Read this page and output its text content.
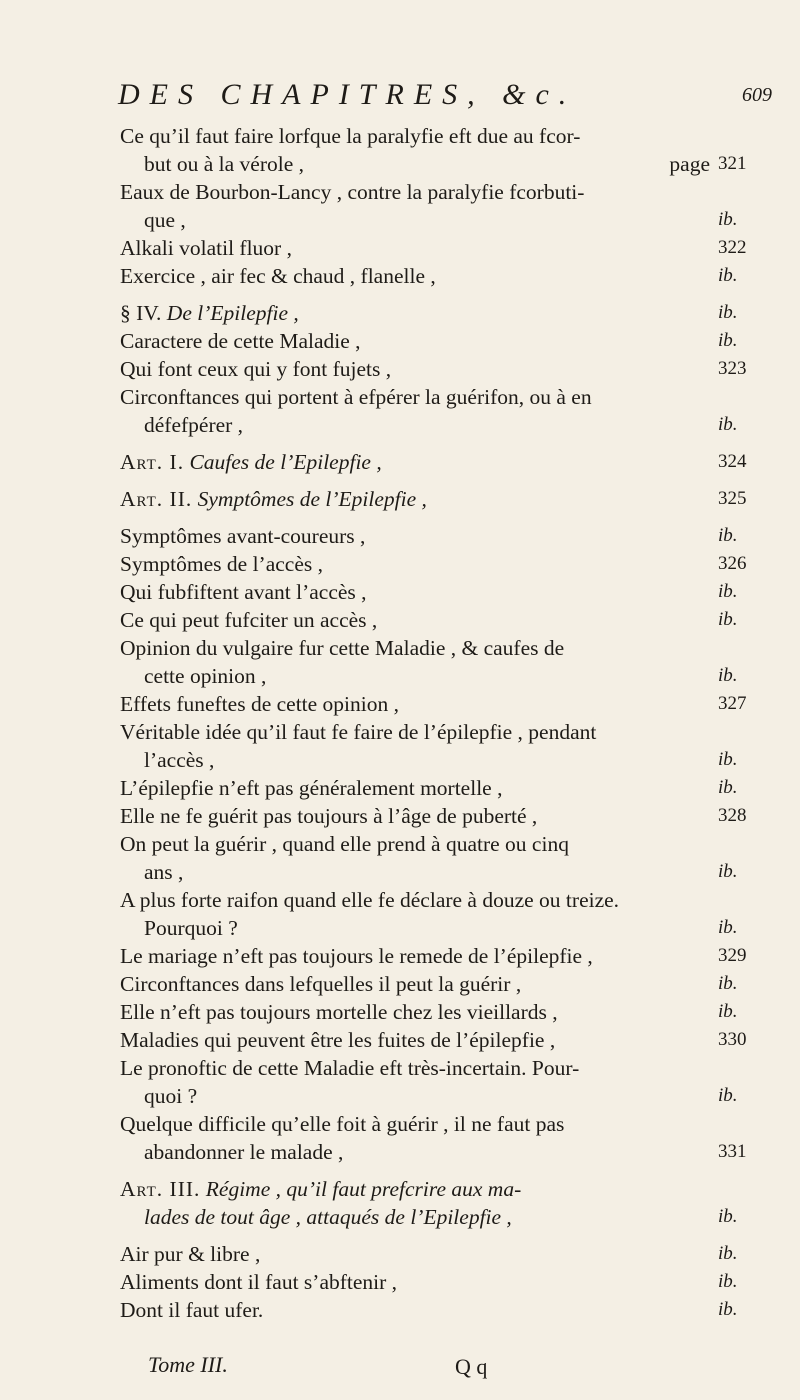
DES CHAPITRES, &c.	609
Ce qu’il faut faire lorfque la paralyfie eft due au fcor-
but ou à la vérole ,	page 321
Eaux de Bourbon-Lancy , contre la paralyfie fcorbuti-
que ,	ib.
Alkali volatil fluor ,	322
Exercice , air fec & chaud , flanelle ,	ib.
§ IV. De l’Epilepfie ,	ib.
Caractere de cette Maladie ,	ib.
Qui font ceux qui y font fujets ,	323
Circonftances qui portent à efpérer la guérifon, ou à en
défefpérer ,	ib.
Art. I. Caufes de l’Epilepfie ,	324
Art. II. Symptômes de l’Epilepfie ,	325
Symptômes avant-coureurs ,	ib.
Symptômes de l’accès ,	326
Qui fubfiftent avant l’accès ,	ib.
Ce qui peut fufciter un accès ,	ib.
Opinion du vulgaire fur cette Maladie , & caufes de
cette opinion ,	ib.
Effets funeftes de cette opinion ,	327
Véritable idée qu’il faut fe faire de l’épilepfie , pendant
l’accès ,	ib.
L’épilepfie n’eft pas généralement mortelle ,	ib.
Elle ne fe guérit pas toujours à l’âge de puberté ,	328
On peut la guérir , quand elle prend à quatre ou cinq
ans ,	ib.
A plus forte raifon quand elle fe déclare à douze ou treize.
Pourquoi ?	ib.
Le mariage n’eft pas toujours le remede de l’épilepfie ,	329
Circonftances dans lefquelles il peut la guérir ,	ib.
Elle n’eft pas toujours mortelle chez les vieillards ,	ib.
Maladies qui peuvent être les fuites de l’épilepfie ,	330
Le pronoftic de cette Maladie eft très-incertain. Pour-
quoi ?	ib.
Quelque difficile qu’elle foit à guérir , il ne faut pas
abandonner le malade ,	331
Art. III. Régime , qu’il faut prefcrire aux ma-
lades de tout âge , attaqués de l’Epilepfie ,	ib.
Air pur & libre ,	ib.
Aliments dont il faut s’abftenir ,	ib.
Dont il faut ufer.	ib.
Tome III.	Q q
